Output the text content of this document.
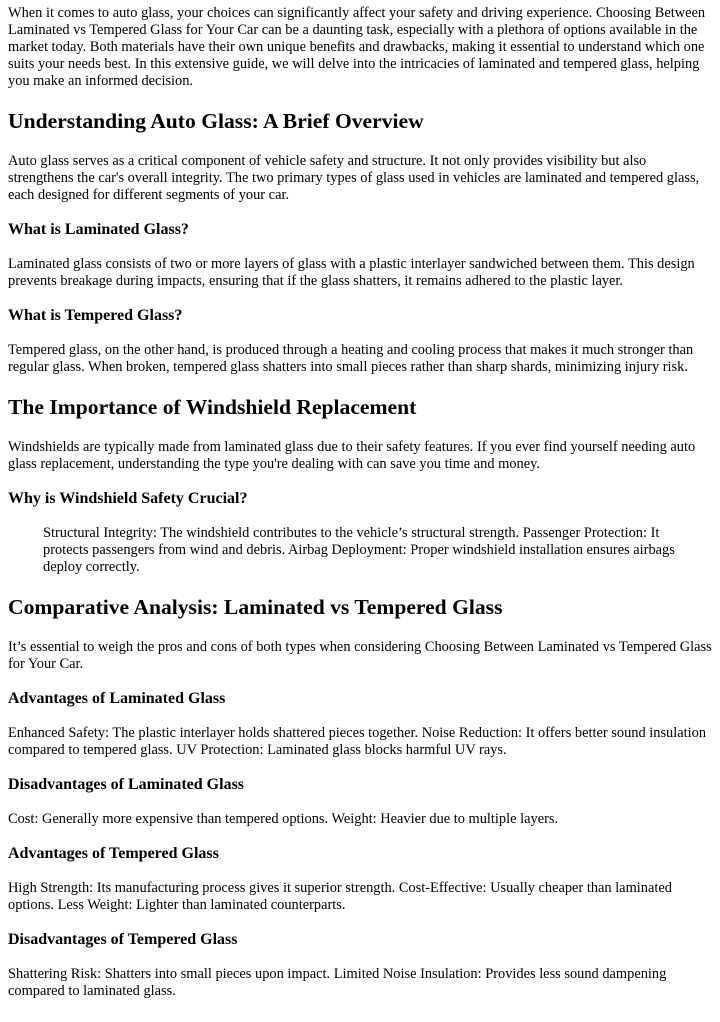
When it comes to auto glass, your choices can significantly affect your safety and driving experience. Choosing Between Laminated vs Tempered Glass for Your Car can be a daunting task, especially with a plethora of options available in the market today. Both materials have their own unique benefits and drawbacks, making it essential to understand which one suits your needs best. In this extensive guide, we will delve into the intricacies of laminated and tempered glass, helping you make an informed decision.

Understanding Auto Glass: A Brief Overview

Auto glass serves as a critical component of vehicle safety and structure. It not only provides visibility but also strengthens the car's overall integrity. The two primary types of glass used in vehicles are laminated and tempered glass, each designed for different segments of your car.

What is Laminated Glass?

Laminated glass consists of two or more layers of glass with a plastic interlayer sandwiched between them. This design prevents breakage during impacts, ensuring that if the glass shatters, it remains adhered to the plastic layer.

What is Tempered Glass?

Tempered glass, on the other hand, is produced through a heating and cooling process that makes it much stronger than regular glass. When broken, tempered glass shatters into small pieces rather than sharp shards, minimizing injury risk.

The Importance of Windshield Replacement

Windshields are typically made from laminated glass due to their safety features. If you ever find yourself needing auto glass replacement, understanding the type you're dealing with can save you time and money.

Why is Windshield Safety Crucial?

Structural Integrity: The windshield contributes to the vehicle’s structural strength. Passenger Protection: It protects passengers from wind and debris. Airbag Deployment: Proper windshield installation ensures airbags deploy correctly.

Comparative Analysis: Laminated vs Tempered Glass

It’s essential to weigh the pros and cons of both types when considering Choosing Between Laminated vs Tempered Glass for Your Car.

Advantages of Laminated Glass

Enhanced Safety: The plastic interlayer holds shattered pieces together. Noise Reduction: It offers better sound insulation compared to tempered glass. UV Protection: Laminated glass blocks harmful UV rays.

Disadvantages of Laminated Glass

Cost: Generally more expensive than tempered options. Weight: Heavier due to multiple layers.

Advantages of Tempered Glass

High Strength: Its manufacturing process gives it superior strength. Cost-Effective: Usually cheaper than laminated options. Less Weight: Lighter than laminated counterparts.

Disadvantages of Tempered Glass

Shattering Risk: Shatters into small pieces upon impact. Limited Noise Insulation: Provides less sound dampening compared to laminated glass.
